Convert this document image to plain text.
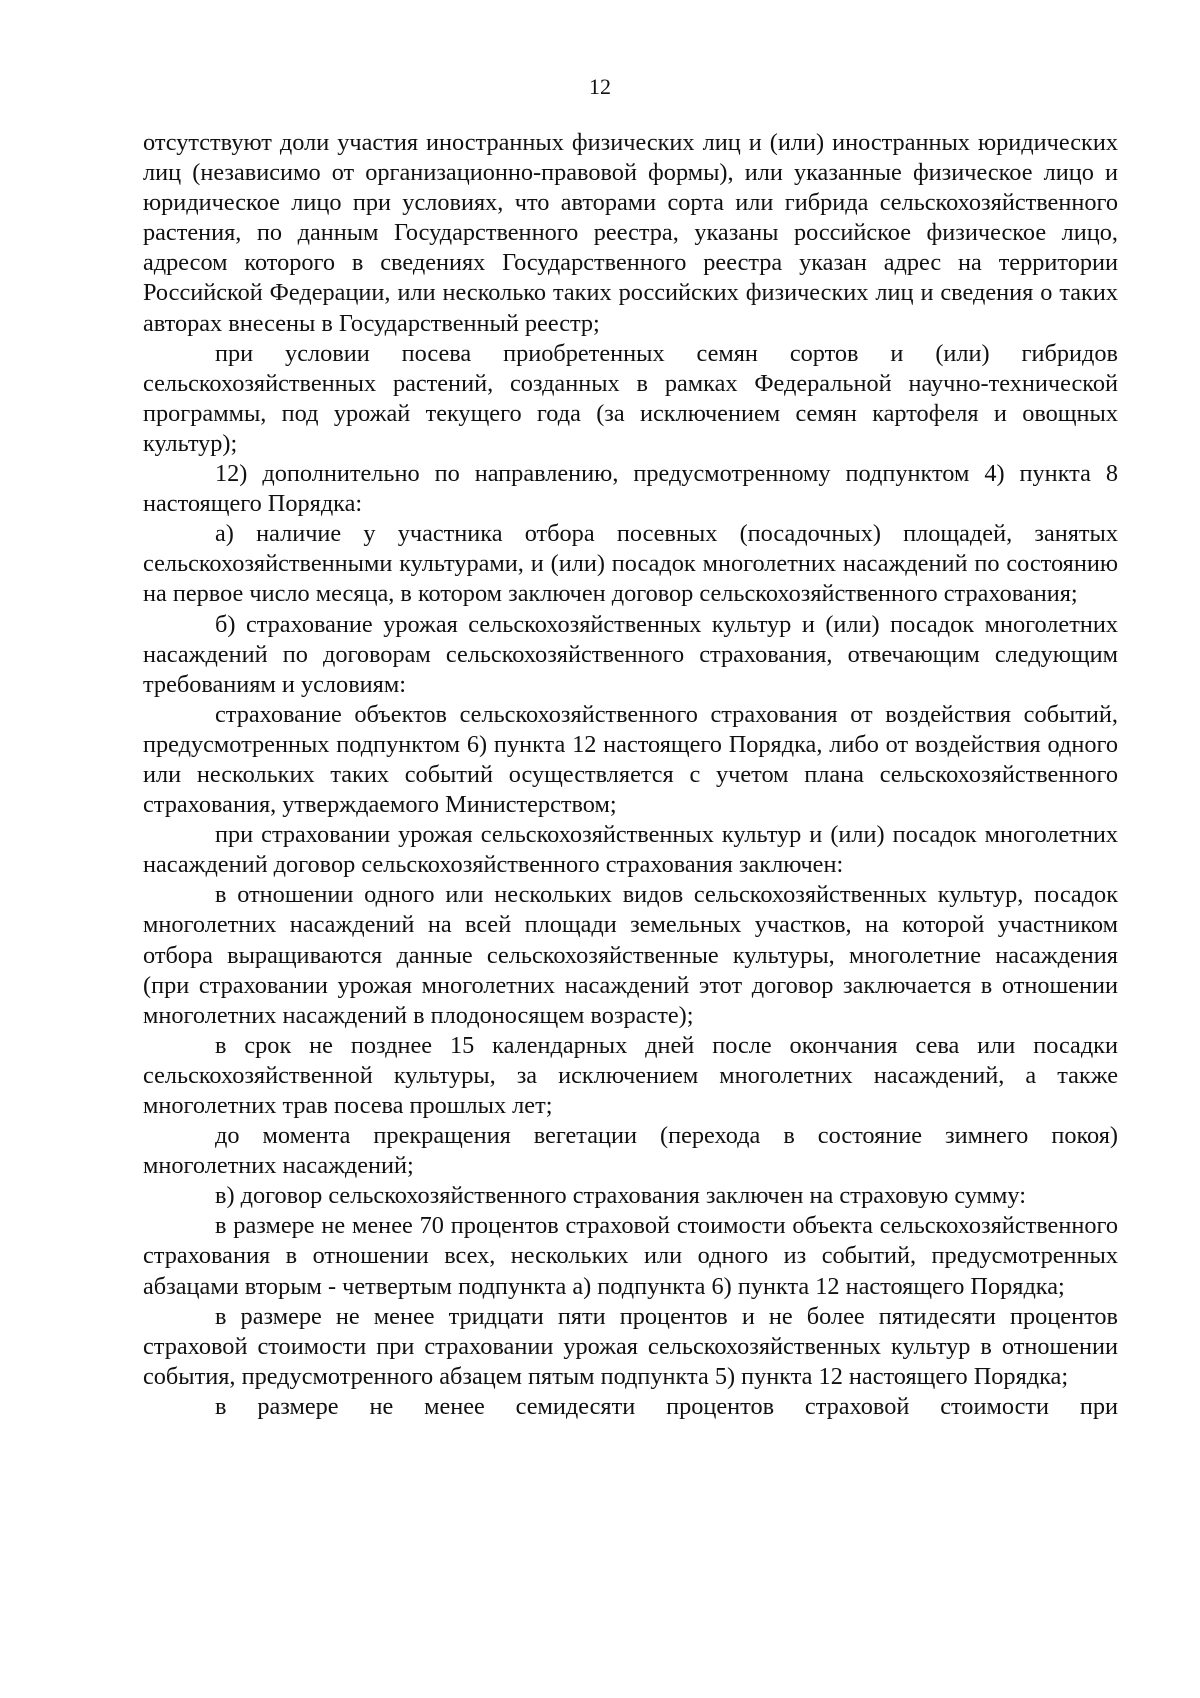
12

отсутствуют доли участия иностранных физических лиц и (или) иностранных юридических лиц (независимо от организационно-правовой формы), или указанные физическое лицо и юридическое лицо при условиях, что авторами сорта или гибрида сельскохозяйственного растения, по данным Государственного реестра, указаны российское физическое лицо, адресом которого в сведениях Государственного реестра указан адрес на территории Российской Федерации, или несколько таких российских физических лиц и сведения о таких авторах внесены в Государственный реестр;

при условии посева приобретенных семян сортов и (или) гибридов сельскохозяйственных растений, созданных в рамках Федеральной научно-технической программы, под урожай текущего года (за исключением семян картофеля и овощных культур);

12) дополнительно по направлению, предусмотренному подпунктом 4) пункта 8 настоящего Порядка:

а) наличие у участника отбора посевных (посадочных) площадей, занятых сельскохозяйственными культурами, и (или) посадок многолетних насаждений по состоянию на первое число месяца, в котором заключен договор сельскохозяйственного страхования;

б) страхование урожая сельскохозяйственных культур и (или) посадок многолетних насаждений по договорам сельскохозяйственного страхования, отвечающим следующим требованиям и условиям:

страхование объектов сельскохозяйственного страхования от воздействия событий, предусмотренных подпунктом 6) пункта 12 настоящего Порядка, либо от воздействия одного или нескольких таких событий осуществляется с учетом плана сельскохозяйственного страхования, утверждаемого Министерством;

при страховании урожая сельскохозяйственных культур и (или) посадок многолетних насаждений договор сельскохозяйственного страхования заключен:

в отношении одного или нескольких видов сельскохозяйственных культур, посадок многолетних насаждений на всей площади земельных участков, на которой участником отбора выращиваются данные сельскохозяйственные культуры, многолетние насаждения (при страховании урожая многолетних насаждений этот договор заключается в отношении многолетних насаждений в плодоносящем возрасте);

в срок не позднее 15 календарных дней после окончания сева или посадки сельскохозяйственной культуры, за исключением многолетних насаждений, а также многолетних трав посева прошлых лет;

до момента прекращения вегетации (перехода в состояние зимнего покоя) многолетних насаждений;

в) договор сельскохозяйственного страхования заключен на страховую сумму:

в размере не менее 70 процентов страховой стоимости объекта сельскохозяйственного страхования в отношении всех, нескольких или одного из событий, предусмотренных абзацами вторым - четвертым подпункта а) подпункта 6) пункта 12 настоящего Порядка;

в размере не менее тридцати пяти процентов и не более пятидесяти процентов страховой стоимости при страховании урожая сельскохозяйственных культур в отношении события, предусмотренного абзацем пятым подпункта 5) пункта 12 настоящего Порядка;

в размере не менее семидесяти процентов страховой стоимости при
